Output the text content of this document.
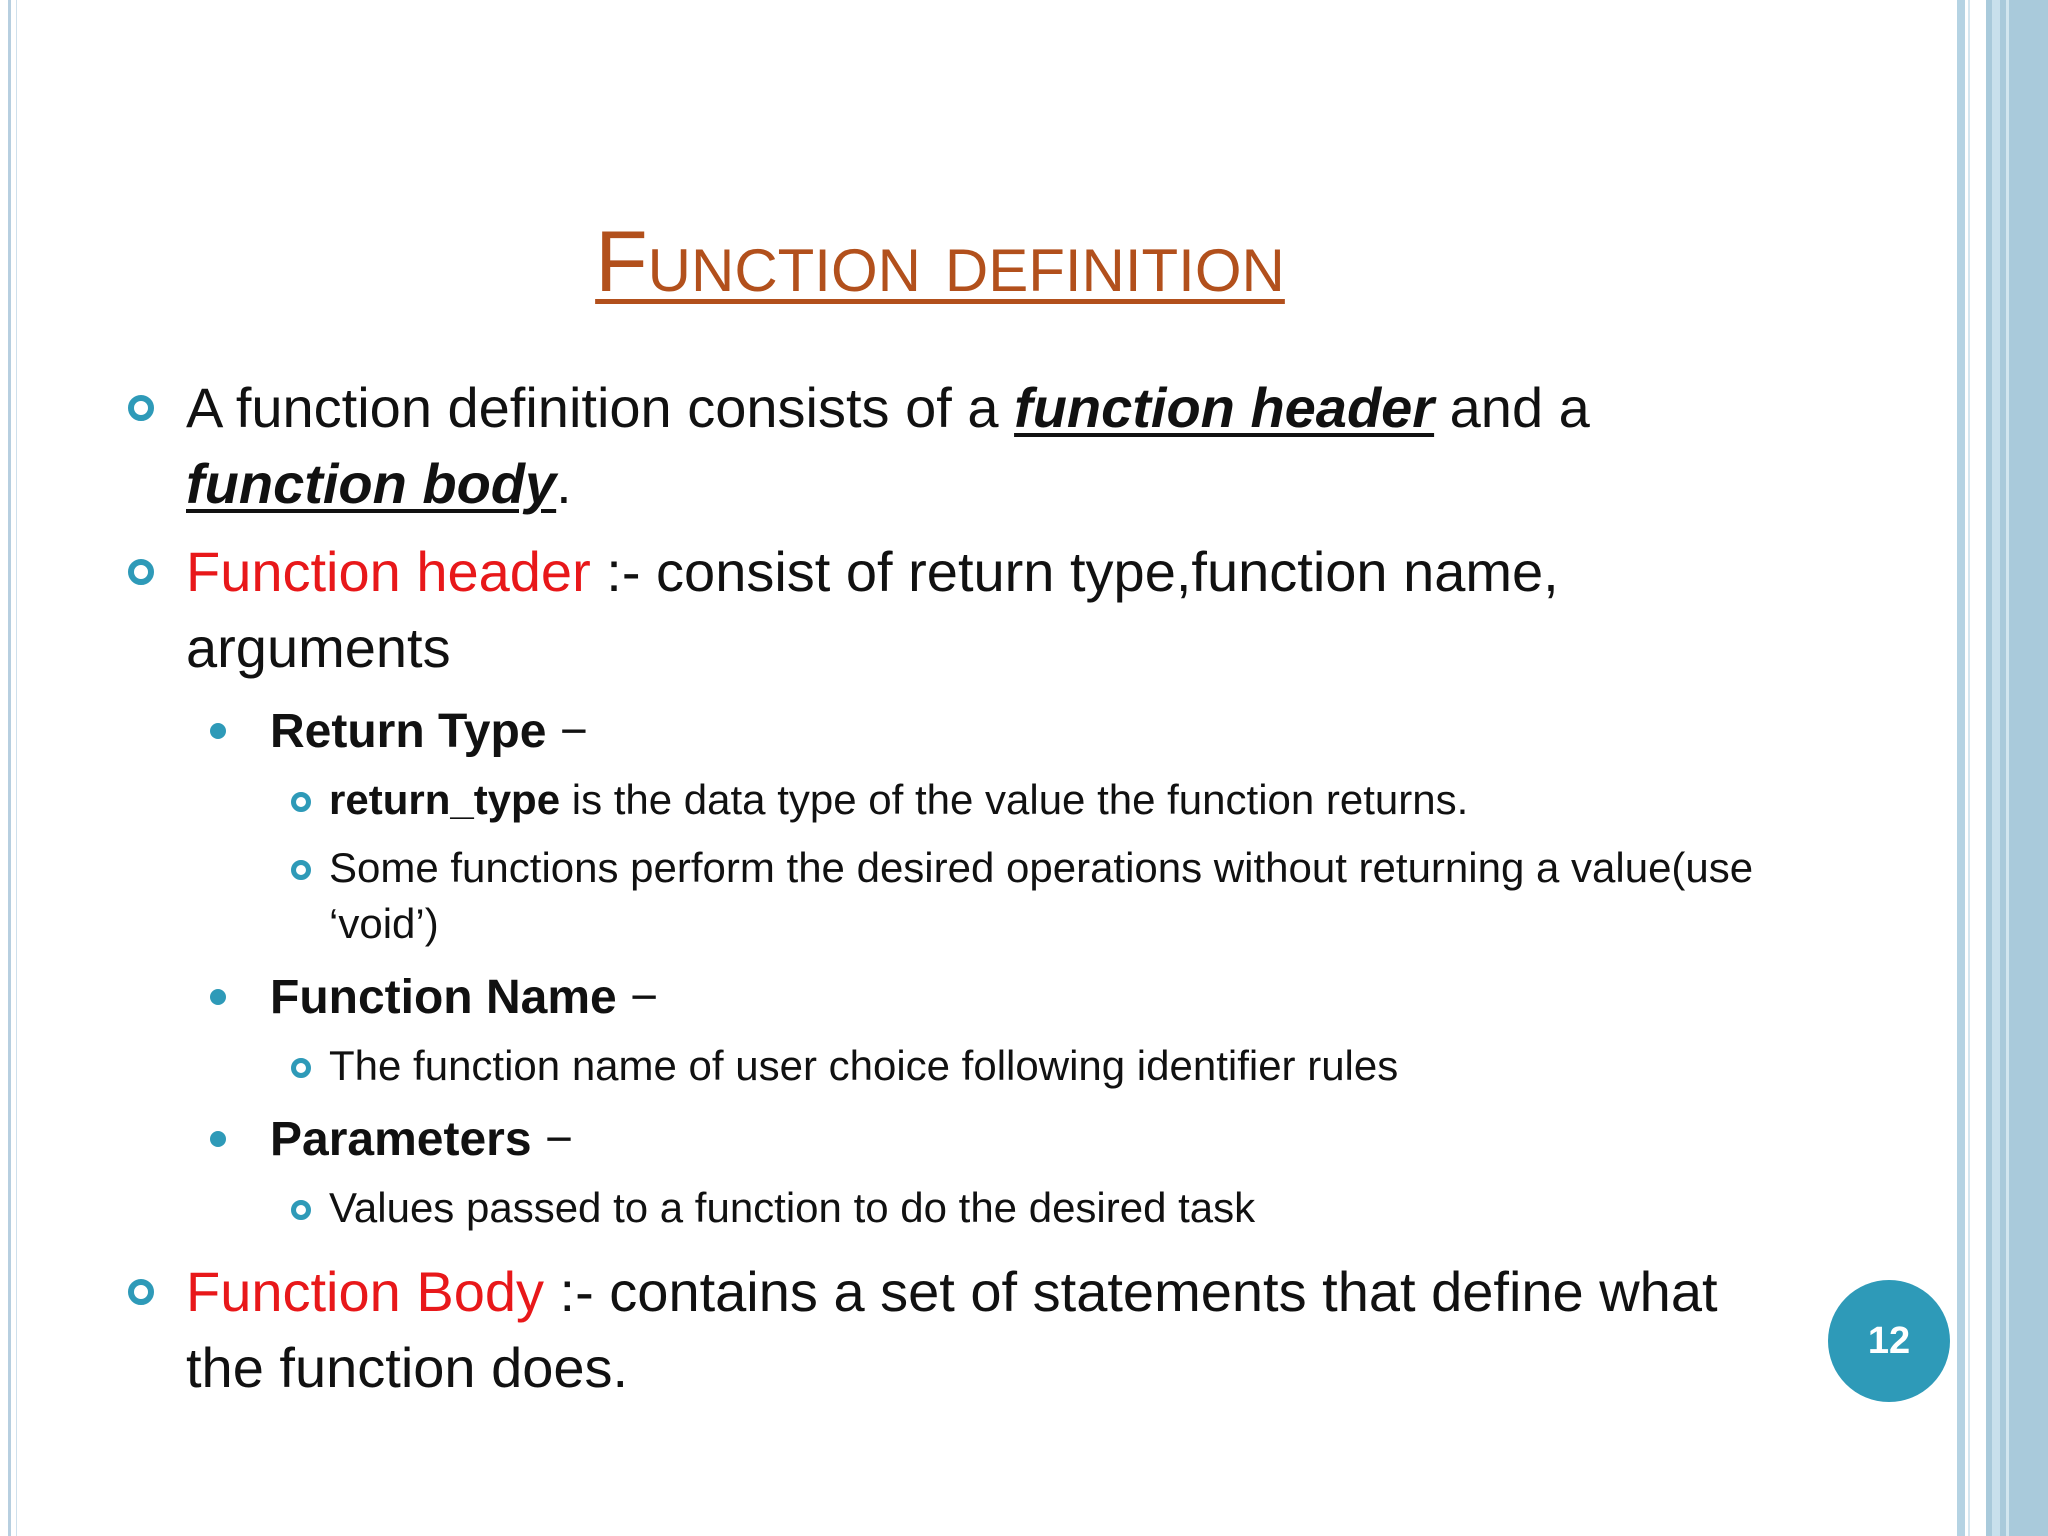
Function definition
A function definition consists of a function header and a function body.
Function header :- consist of return type,function name, arguments
Return Type −
return_type is the data type of the value the function returns.
Some functions perform the desired operations without returning a value(use ‘void’)
Function Name −
The function name of user choice following identifier rules
Parameters −
Values passed to a function to do the desired task
Function Body :- contains a set of statements that define what the function does.	12
